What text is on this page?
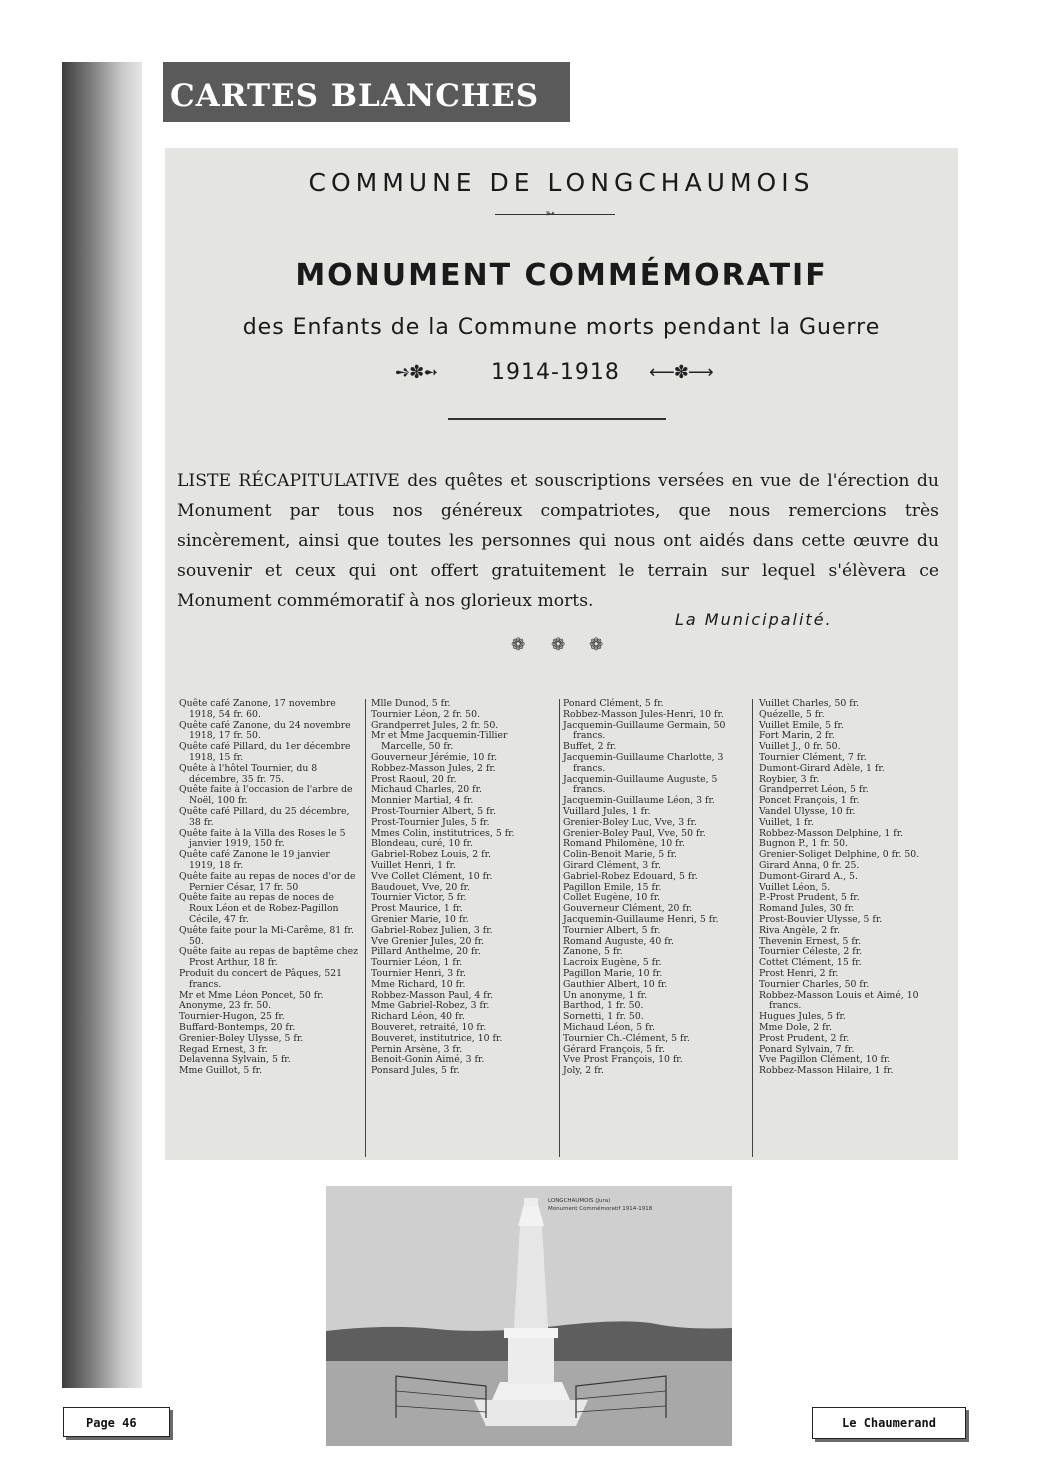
CARTES BLANCHES
COMMUNE DE LONGCHAUMOIS
➳
MONUMENT COMMÉMORATIF
des Enfants de la Commune morts pendant la Guerre
➺✽➻ 1914-1918 ⟵✽⟶
LISTE RÉCAPITULATIVE des quêtes et souscriptions versées en vue de l'érection du Monument par tous nos généreux compatriotes, que nous remercions très sincèrement, ainsi que toutes les personnes qui nous ont aidés dans cette œuvre du souvenir et ceux qui ont offert gratuitement le terrain sur lequel s'élèvera ce Monument commémoratif à nos glorieux morts.
La Municipalité.
❁ ❁ ❁
Quête café Zanone, 17 novembre 1918, 54 fr. 60.
Quête café Zanone, du 24 novembre 1918, 17 fr. 50.
Quête café Pillard, du 1er décembre 1918, 15 fr.
Quête à l'hôtel Tournier, du 8 décembre, 35 fr. 75.
Quête faite à l'occasion de l'arbre de Noël, 100 fr.
Quête café Pillard, du 25 décembre, 38 fr.
Quête faite à la Villa des Roses le 5 janvier 1919, 150 fr.
Quête café Zanone le 19 janvier 1919, 18 fr.
Quête faite au repas de noces d'or de Pernier César, 17 fr. 50
Quête faite au repas de noces de Roux Léon et de Robez-Pagillon Cécile, 47 fr.
Quête faite pour la Mi-Carême, 81 fr. 50.
Quête faite au repas de baptême chez Prost Arthur, 18 fr.
Produit du concert de Pâques, 521 francs.
Mr et Mme Léon Poncet, 50 fr.
Anonyme, 23 fr. 50.
Tournier-Hugon, 25 fr.
Buffard-Bontemps, 20 fr.
Grenier-Boley Ulysse, 5 fr.
Regad Ernest, 3 fr.
Delavenna Sylvain, 5 fr.
Mme Guillot, 5 fr.
Mlle Dunod, 5 fr.
Tournier Léon, 2 fr. 50.
Grandperret Jules, 2 fr. 50.
Mr et Mme Jacquemin-Tillier Marcelle, 50 fr.
Gouverneur Jérémie, 10 fr.
Robbez-Masson Jules, 2 fr.
Prost Raoul, 20 fr.
Michaud Charles, 20 fr.
Monnier Martial, 4 fr.
Prost-Tournier Albert, 5 fr.
Prost-Tournier Jules, 5 fr.
Mmes Colin, institutrices, 5 fr.
Blondeau, curé, 10 fr.
Gabriel-Robez Louis, 2 fr.
Vuillet Henri, 1 fr.
Vve Collet Clément, 10 fr.
Baudouet, Vve, 20 fr.
Tournier Victor, 5 fr.
Prost Maurice, 1 fr.
Grenier Marie, 10 fr.
Gabriel-Robez Julien, 3 fr.
Vve Grenier Jules, 20 fr.
Pillard Anthelme, 20 fr.
Tournier Léon, 1 fr.
Tournier Henri, 3 fr.
Mme Richard, 10 fr.
Robbez-Masson Paul, 4 fr.
Mme Gabriel-Robez, 3 fr.
Richard Léon, 40 fr.
Bouveret, retraité, 10 fr.
Bouveret, institutrice, 10 fr.
Pernin Arsène, 3 fr.
Benoit-Gonin Aimé, 3 fr.
Ponsard Jules, 5 fr.
Ponard Clément, 5 fr.
Robbez-Masson Jules-Henri, 10 fr.
Jacquemin-Guillaume Germain, 50 francs.
Buffet, 2 fr.
Jacquemin-Guillaume Charlotte, 3 francs.
Jacquemin-Guillaume Auguste, 5 francs.
Jacquemin-Guillaume Léon, 3 fr.
Vuillard Jules, 1 fr.
Grenier-Boley Luc, Vve, 3 fr.
Grenier-Boley Paul, Vve, 50 fr.
Romand Philomène, 10 fr.
Colin-Benoit Marie, 5 fr.
Girard Clément, 3 fr.
Gabriel-Robez Edouard, 5 fr.
Pagillon Emile, 15 fr.
Collet Eugène, 10 fr.
Gouverneur Clément, 20 fr.
Jacquemin-Guillaume Henri, 5 fr.
Tournier Albert, 5 fr.
Romand Auguste, 40 fr.
Zanone, 5 fr.
Lacroix Eugène, 5 fr.
Pagillon Marie, 10 fr.
Gauthier Albert, 10 fr.
Un anonyme, 1 fr.
Barthod, 1 fr. 50.
Sornetti, 1 fr. 50.
Michaud Léon, 5 fr.
Tournier Ch.-Clément, 5 fr.
Gérard François, 5 fr.
Vve Prost François, 10 fr.
Joly, 2 fr.
Vuillet Charles, 50 fr.
Quézelle, 5 fr.
Vuillet Emile, 5 fr.
Fort Marin, 2 fr.
Vuillet J., 0 fr. 50.
Tournier Clément, 7 fr.
Dumont-Girard Adèle, 1 fr.
Roybier, 3 fr.
Grandperret Léon, 5 fr.
Poncet François, 1 fr.
Vandel Ulysse, 10 fr.
Vuillet, 1 fr.
Robbez-Masson Delphine, 1 fr.
Bugnon P., 1 fr. 50.
Grenier-Soliget Delphine, 0 fr. 50.
Girard Anna, 0 fr. 25.
Dumont-Girard A., 5.
Vuillet Léon, 5.
P.-Prost Prudent, 5 fr.
Romand Jules, 30 fr.
Prost-Bouvier Ulysse, 5 fr.
Riva Angèle, 2 fr.
Thevenin Ernest, 5 fr.
Tournier Céleste, 2 fr.
Cottet Clément, 15 fr.
Prost Henri, 2 fr.
Tournier Charles, 50 fr.
Robbez-Masson Louis et Aimé, 10 francs.
Hugues Jules, 5 fr.
Mme Dole, 2 fr.
Prost Prudent, 2 fr.
Ponard Sylvain, 7 fr.
Vve Pagillon Clément, 10 fr.
Robbez-Masson Hilaire, 1 fr.
LONGCHAUMOIS (Jura)
Monument Commémoratif 1914-1918
Page 46	Le Chaumerand
